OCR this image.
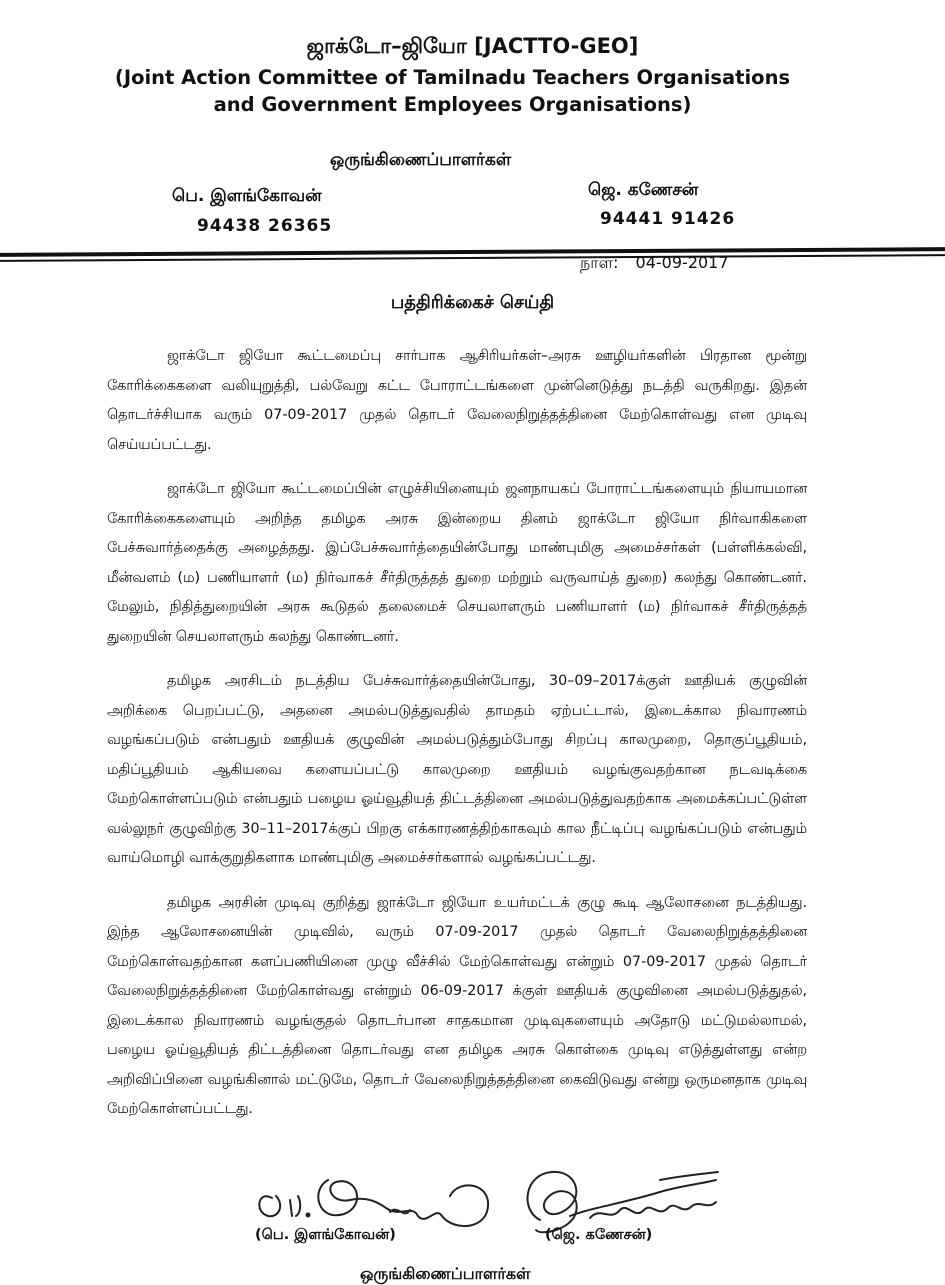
ஜாக்டோ–ஜியோ [JACTTO-GEO]
(Joint Action Committee of Tamilnadu Teachers Organisations
and Government Employees Organisations)
ஒருங்கிணைப்பாளர்கள்
பெ. இளங்கோவன்
94438 26365
ஜெ. கணேசன்
94441 91426
நாள்: 04-09-2017
பத்திரிக்கைச் செய்தி

ஜாக்டோ ஜியோ கூட்டமைப்பு சார்பாக ஆசிரியர்கள்–அரசு ஊழியர்களின் பிரதான மூன்று கோரிக்கைகளை வலியுறுத்தி, பல்வேறு கட்ட போராட்டங்களை முன்னெடுத்து நடத்தி வருகிறது. இதன் தொடர்ச்சியாக வரும் 07-09-2017 முதல் தொடர் வேலைநிறுத்தத்தினை மேற்கொள்வது என முடிவு செய்யப்பட்டது.

ஜாக்டோ ஜியோ கூட்டமைப்பின் எழுச்சியினையும் ஜனநாயகப் போராட்டங்களையும் நியாயமான கோரிக்கைகளையும் அறிந்த தமிழக அரசு இன்றைய தினம் ஜாக்டோ ஜியோ நிர்வாகிகளை பேச்சுவார்த்தைக்கு அழைத்தது. இப்பேச்சுவார்த்தையின்போது மாண்புமிகு அமைச்சர்கள் (பள்ளிக்கல்வி, மீன்வளம் (ம) பணியாளர் (ம) நிர்வாகச் சீர்திருத்தத் துறை மற்றும் வருவாய்த் துறை) கலந்து கொண்டனர். மேலும், நிதித்துறையின் அரசு கூடுதல் தலைமைச் செயலாளரும் பணியாளர் (ம) நிர்வாகச் சீர்திருத்தத் துறையின் செயலாளரும் கலந்து கொண்டனர்.

தமிழக அரசிடம் நடத்திய பேச்சுவார்த்தையின்போது, 30–09–2017க்குள் ஊதியக் குழுவின் அறிக்கை பெறப்பட்டு, அதனை அமல்படுத்துவதில் தாமதம் ஏற்பட்டால், இடைக்கால நிவாரணம் வழங்கப்படும் என்பதும் ஊதியக் குழுவின் அமல்படுத்தும்போது சிறப்பு காலமுறை, தொகுப்பூதியம், மதிப்பூதியம் ஆகியவை களையப்பட்டு காலமுறை ஊதியம் வழங்குவதற்கான நடவடிக்கை மேற்கொள்ளப்படும் என்பதும் பழைய ஓய்வூதியத் திட்டத்தினை அமல்படுத்துவதற்காக அமைக்கப்பட்டுள்ள வல்லுநர் குழுவிற்கு 30–11–2017க்குப் பிறகு எக்காரணத்திற்காகவும் கால நீட்டிப்பு வழங்கப்படும் என்பதும் வாய்மொழி வாக்குறுதிகளாக மாண்புமிகு அமைச்சர்களால் வழங்கப்பட்டது.

தமிழக அரசின் முடிவு குறித்து ஜாக்டோ ஜியோ உயர்மட்டக் குழு கூடி ஆலோசனை நடத்தியது. இந்த ஆலோசனையின் முடிவில், வரும் 07-09-2017 முதல் தொடர் வேலைநிறுத்தத்தினை மேற்கொள்வதற்கான களப்பணியினை முழு வீச்சில் மேற்கொள்வது என்றும் 07-09-2017 முதல் தொடர் வேலைநிறுத்தத்தினை மேற்கொள்வது என்றும் 06-09-2017 க்குள் ஊதியக் குழுவினை அமல்படுத்துதல், இடைக்கால நிவாரணம் வழங்குதல் தொடர்பான சாதகமான முடிவுகளையும் அதோடு மட்டுமல்லாமல், பழைய ஓய்வூதியத் திட்டத்தினை தொடர்வது என தமிழக அரசு கொள்கை முடிவு எடுத்துள்ளது என்ற அறிவிப்பினை வழங்கினால் மட்டுமே, தொடர் வேலைநிறுத்தத்தினை கைவிடுவது என்று ஒருமனதாக முடிவு மேற்கொள்ளப்பட்டது.

(பெ. இளங்கோவன்)	(ஜெ. கணேசன்)
ஒருங்கிணைப்பாளர்கள்
